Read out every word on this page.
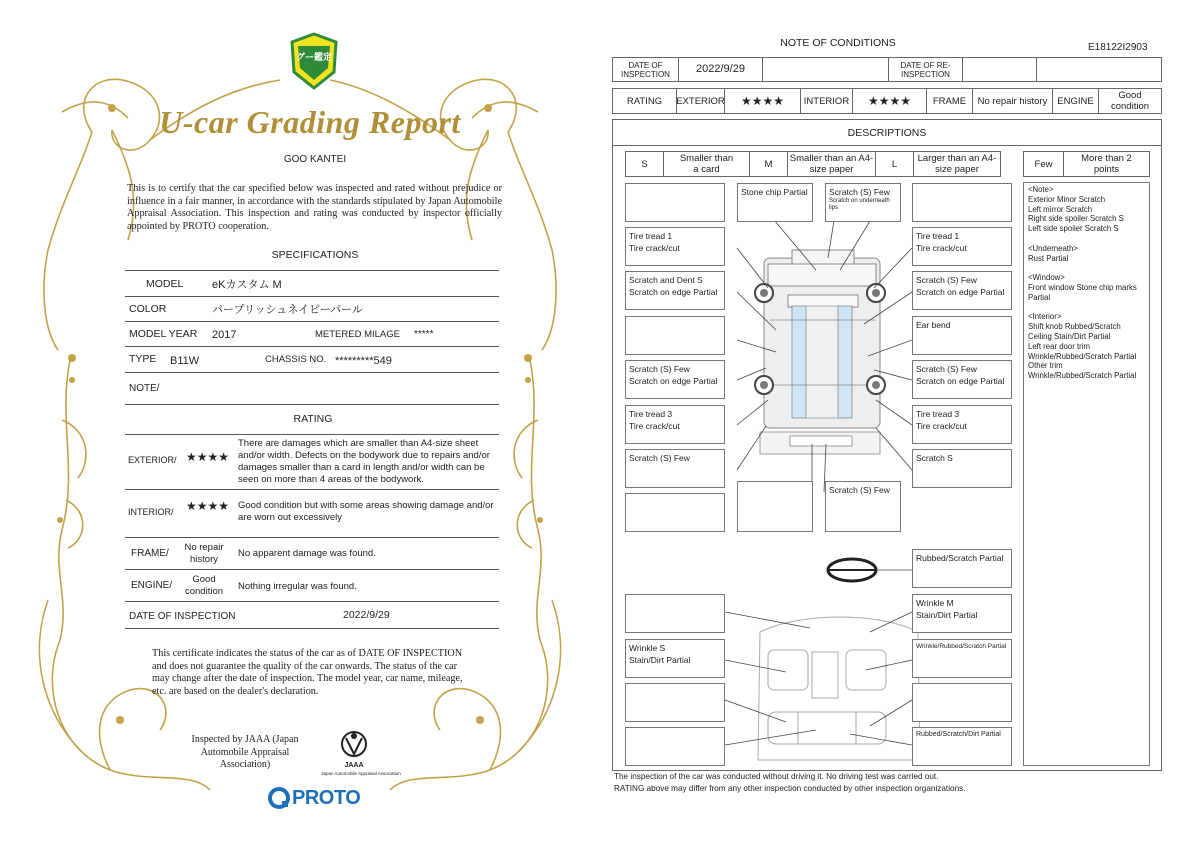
グー鑑定
U-car Grading Report
GOO KANTEI
This is to certify that the car specified below was inspected and rated without prejudice or influence in a fair manner, in accordance with the standards stipulated by Japan Automobile Appraisal Association. This inspection and rating was conducted by inspector officially appointed by PROTO cooperation.
SPECIFICATIONS
MODEL	eKカスタム M
COLOR	パープリッシュネイビーパール
MODEL YEAR 2017	METERED MILAGE *****
TYPE B11W	CHASSIS NO. *********549
NOTE/
RATING
EXTERIOR/ ★★★★
There are damages which are smaller than A4-size sheet and/or width. Defects on the bodywork due to repairs and/or damages smaller than a card in length and/or width can be seen on more than 4 areas of the bodywork.
INTERIOR/ ★★★★ Good condition but with some areas showing damage and/or are worn out excessively
FRAME/	No repair history
No apparent damage was found.
ENGINE/	Good condition	Nothing irregular was found.
DATE OF INSPECTION	2022/9/29
This certificate indicates the status of the car as of DATE OF INSPECTION and does not guarantee the quality of the car onwards. The status of the car may change after the date of inspection. The model year, car name, mileage, etc. are based on the dealer's declaration.
Inspected by JAAA (Japan Automobile Appraisal Association)	JAAA
Japan Automobile Appraisal Association
PROTO
NOTE OF CONDITIONS	E18122I2903
DATE OF INSPECTION	2022/9/29	DATE OF RE-INSPECTION
RATING	EXTERIOR	★★★★	INTERIOR	★★★★	FRAME	No repair history	ENGINE	Good condition
DESCRIPTIONS
S	Smaller than a card	M	Smaller than an A4-size paper	L	Larger than an A4-size paper	Few	More than 2 points
Stone chip Partial	Scratch (S) Few
Scratch on underneath lips
Tire tread 1
Tire crack/cut
Tire tread 1
Tire crack/cut
Scratch and Dent S
Scratch on edge Partial
Scratch (S) Few
Scratch on edge Partial
Ear bend
Scratch (S) Few
Scratch on edge Partial
Scratch (S) Few
Scratch on edge Partial
Tire tread 3
Tire crack/cut
Tire tread 3
Tire crack/cut
Scratch (S) Few	Scratch S
Scratch (S) Few
Rubbed/Scratch Partial
Wrinkle M
Stain/Dirt Partial
Wrinkle S
Stain/Dirt Partial
Wrinkle/Rubbed/Scratch Partial
Rubbed/Scratch/Dirt Partial
<Note>
Exterior Minor Scratch
Left mirror Scratch
Right side spoiler Scratch S
Left side spoiler Scratch S

<Underneath>
Rust Partial

<Window>
Front window Stone chip marks Partial

<Interior>
Shift knob Rubbed/Scratch
Ceiling Stain/Dirt Partial
Left rear door trim Wrinkle/Rubbed/Scratch Partial
Other trim Wrinkle/Rubbed/Scratch Partial
The inspection of the car was conducted without driving it. No driving test was carried out.
RATING above may differ from any other inspection conducted by other inspection organizations.
